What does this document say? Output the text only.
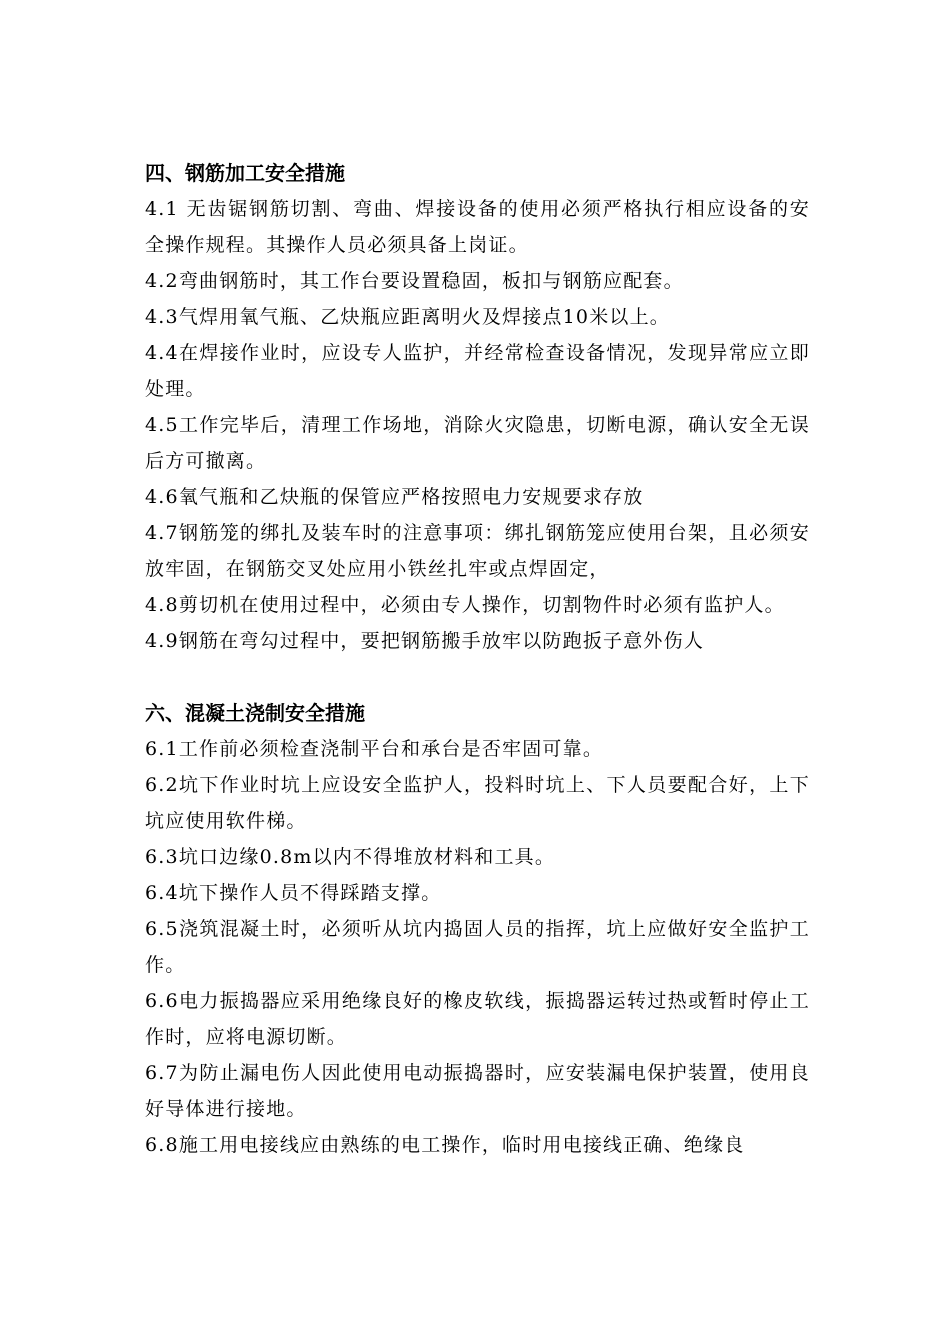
四、钢筋加工安全措施

4.1 无齿锯钢筋切割、弯曲、焊接设备的使用必须严格执行相应设备的安全操作规程。其操作人员必须具备上岗证。

4.2弯曲钢筋时，其工作台要设置稳固，板扣与钢筋应配套。

4.3气焊用氧气瓶、乙炔瓶应距离明火及焊接点10米以上。

4.4在焊接作业时，应设专人监护，并经常检查设备情况，发现异常应立即处理。

4.5工作完毕后，清理工作场地，消除火灾隐患，切断电源，确认安全无误后方可撤离。

4.6氧气瓶和乙炔瓶的保管应严格按照电力安规要求存放

4.7钢筋笼的绑扎及装车时的注意事项：绑扎钢筋笼应使用台架，且必须安放牢固，在钢筋交叉处应用小铁丝扎牢或点焊固定，

4.8剪切机在使用过程中，必须由专人操作，切割物件时必须有监护人。

4.9钢筋在弯勾过程中，要把钢筋搬手放牢以防跑扳子意外伤人

六、混凝土浇制安全措施

6.1工作前必须检查浇制平台和承台是否牢固可靠。

6.2坑下作业时坑上应设安全监护人，投料时坑上、下人员要配合好，上下坑应使用软件梯。

6.3坑口边缘0.8m以内不得堆放材料和工具。

6.4坑下操作人员不得踩踏支撑。

6.5浇筑混凝土时，必须听从坑内捣固人员的指挥，坑上应做好安全监护工作。

6.6电力振捣器应采用绝缘良好的橡皮软线，振捣器运转过热或暂时停止工作时，应将电源切断。

6.7为防止漏电伤人因此使用电动振捣器时，应安装漏电保护装置，使用良好导体进行接地。

6.8施工用电接线应由熟练的电工操作，临时用电接线正确、绝缘良
